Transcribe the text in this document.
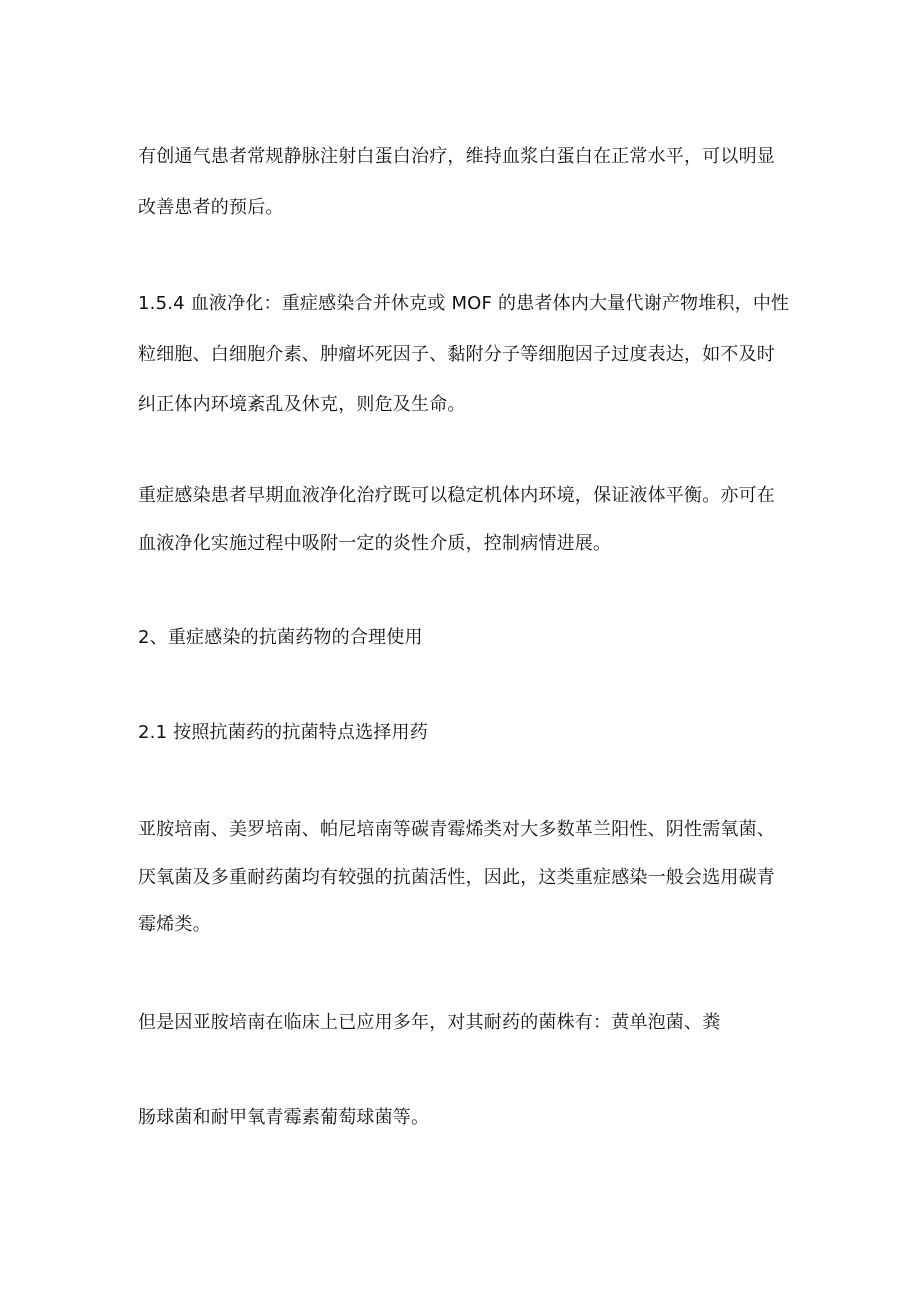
有创通气患者常规静脉注射白蛋白治疗，维持血浆白蛋白在正常水平，可以明显
改善患者的预后。
1.5.4 血液净化：重症感染合并休克或 MOF 的患者体内大量代谢产物堆积，中性
粒细胞、白细胞介素、肿瘤坏死因子、黏附分子等细胞因子过度表达，如不及时
纠正体内环境紊乱及休克，则危及生命。
重症感染患者早期血液净化治疗既可以稳定机体内环境，保证液体平衡。亦可在
血液净化实施过程中吸附一定的炎性介质，控制病情进展。
2、重症感染的抗菌药物的合理使用
2.1 按照抗菌药的抗菌特点选择用药
亚胺培南、美罗培南、帕尼培南等碳青霉烯类对大多数革兰阳性、阴性需氧菌、
厌氧菌及多重耐药菌均有较强的抗菌活性，因此，这类重症感染一般会选用碳青
霉烯类。
但是因亚胺培南在临床上已应用多年，对其耐药的菌株有：黄单泡菌、粪
肠球菌和耐甲氧青霉素葡萄球菌等。
